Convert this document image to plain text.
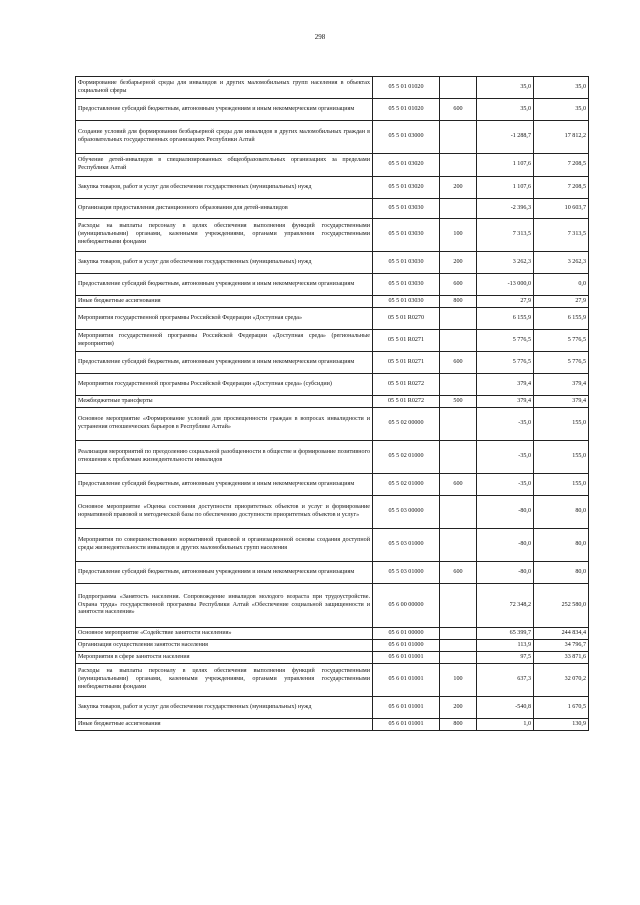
298
Формирование безбарьерной среды для инвалидов и других маломобильных групп населения в объектах социальной сферы	05 5 01 01020		35,0	35,0
Предоставление субсидий бюджетным, автономным учреждениям и иным некоммерческим организациям	05 5 01 01020	600	35,0	35,0
Создание условий для формирования безбарьерной среды для инвалидов в других маломобильных граждан в образовательных государственных организациях Республики Алтай	05 5 01 03000		-1 288,7	17 812,2
Обучение детей-инвалидов в специализированных общеобразовательных организациях за пределами Республики Алтай	05 5 01 03020		1 107,6	7 208,5
Закупка товаров, работ и услуг для обеспечения государственных (муниципальных) нужд	05 5 01 03020	200	1 107,6	7 208,5
Организация предоставления дистанционного образования для детей-инвалидов	05 5 01 03030		-2 396,3	10 603,7
Расходы на выплаты персоналу в целях обеспечения выполнения функций государственными (муниципальными) органами, казенными учреждениями, органами управления государственными внебюджетными фондами	05 5 01 03030	100	7 313,5	7 313,5
Закупка товаров, работ и услуг для обеспечения государственных (муниципальных) нужд	05 5 01 03030	200	3 262,3	3 262,3
Предоставление субсидий бюджетным, автономным учреждениям и иным некоммерческим организациям	05 5 01 03030	600	-13 000,0	0,0
Иные бюджетные ассигнования	05 5 01 03030	800	27,9	27,9
Мероприятия государственной программы Российской Федерации «Доступная среда»	05 5 01 R0270		6 155,9	6 155,9
Мероприятия государственной программы Российской Федерации «Доступная среда» (региональные мероприятия)	05 5 01 R0271		5 776,5	5 776,5
Предоставление субсидий бюджетным, автономным учреждениям и иным некоммерческим организациям	05 5 01 R0271	600	5 776,5	5 776,5
Мероприятия государственной программы Российской Федерации «Доступная среда» (субсидии)	05 5 01 R0272		379,4	379,4
Межбюджетные трансферты	05 5 01 R0272	500	379,4	379,4
Основное мероприятие «Формирование условий для просвещенности граждан в вопросах инвалидности и устранения отношенческих барьеров в Республике Алтай»	05 5 02 00000		-35,0	155,0
Реализация мероприятий по преодолению социальной разобщенности в обществе и формирование позитивного отношения к проблемам жизнедеятельности инвалидов	05 5 02 01000		-35,0	155,0
Предоставление субсидий бюджетным, автономным учреждениям и иным некоммерческим организациям	05 5 02 01000	600	-35,0	155,0
Основное мероприятие «Оценка состояния доступности приоритетных объектов и услуг и формирование нормативной правовой и методической базы по обеспечению доступности приоритетных объектов и услуг»	05 5 03 00000		-80,0	80,0
Мероприятия по совершенствованию нормативной правовой и организационной основы создания доступной среды жизнедеятельности инвалидов и других маломобильных групп населения	05 5 03 01000		-80,0	80,0
Предоставление субсидий бюджетным, автономным учреждениям и иным некоммерческим организациям	05 5 03 01000	600	-80,0	80,0
Подпрограмма «Занятость населения. Сопровождение инвалидов молодого возраста при трудоустройстве. Охрана труда» государственной программы Республики Алтай «Обеспечение социальной защищенности и занятости населения»	05 6 00 00000		72 348,2	252 580,0
Основное мероприятие «Содействие занятости населения»	05 6 01 00000		65 399,7	244 834,4
Организация осуществления занятости населения	05 6 01 01000		113,9	34 796,7
Мероприятия в сфере занятости населения	05 6 01 01001		97,5	33 871,6
Расходы на выплаты персоналу в целях обеспечения выполнения функций государственными (муниципальными) органами, казенными учреждениями, органами управления государственными внебюджетными фондами	05 6 01 01001	100	637,3	32 070,2
Закупка товаров, работ и услуг для обеспечения государственных (муниципальных) нужд	05 6 01 01001	200	-540,8	1 670,5
Иные бюджетные ассигнования	05 6 01 01001	800	1,0	130,9
